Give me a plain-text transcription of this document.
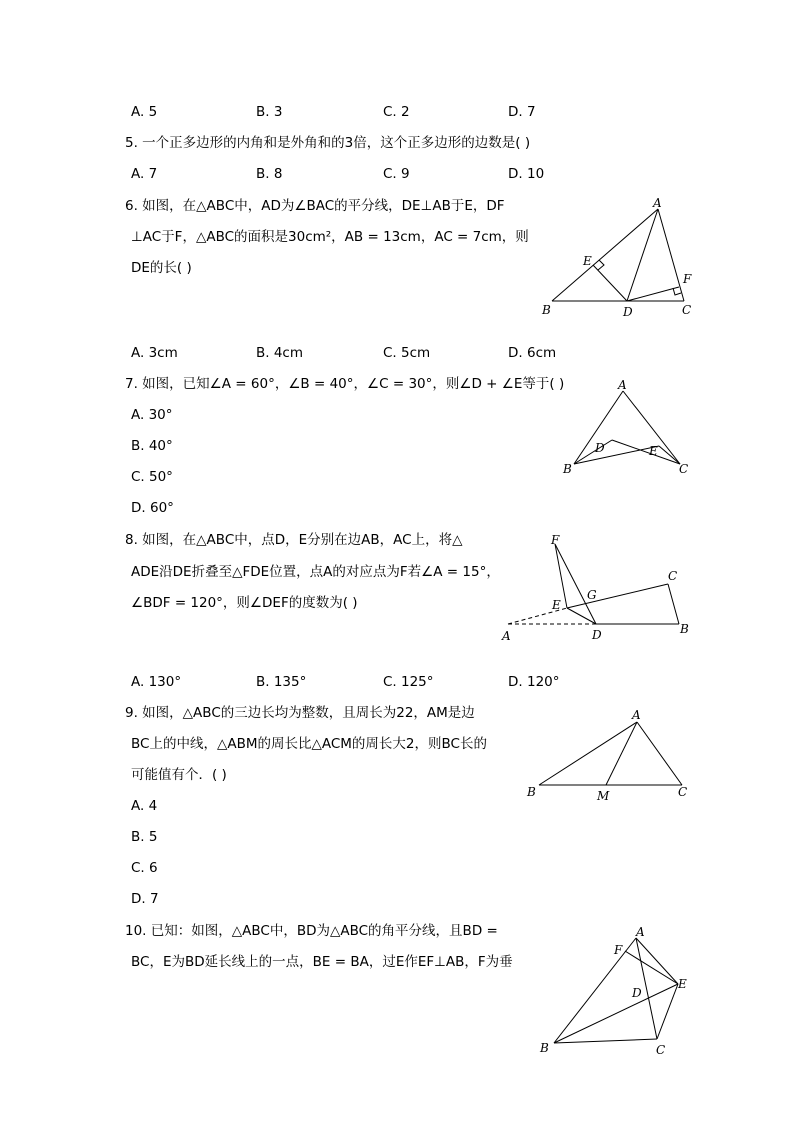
A. 5	B. 3	C. 2	D. 7
5. 一个正多边形的内角和是外角和的3倍，这个正多边形的边数是( )
A. 7	B. 8	C. 9	D. 10
6. 如图，在△ABC中，AD为∠BAC的平分线，DE⊥AB于E，DF
⊥AC于F，△ABC的面积是30cm²，AB = 13cm，AC = 7cm，则
DE的长( )
A
E
F
B	D	C
A. 3cm	B. 4cm	C. 5cm	D. 6cm
7. 如图，已知∠A = 60°，∠B = 40°，∠C = 30°，则∠D + ∠E等于( )
A. 30°
B. 40°
C. 50°
D. 60°
A
D	E
B	C
8. 如图，在△ABC中，点D，E分别在边AB，AC上，将△
ADE沿DE折叠至△FDE位置，点A的对应点为F若∠A = 15°，
∠BDF = 120°，则∠DEF的度数为( )
F
C
G
E
A	D	B
A. 130°	B. 135°	C. 125°	D. 120°
9. 如图，△ABC的三边长均为整数，且周长为22，AM是边
BC上的中线，△ABM的周长比△ACM的周长大2，则BC长的
可能值有个．( )
A. 4
B. 5
C. 6
D. 7
A
B	M	C
10. 已知：如图，△ABC中，BD为△ABC的角平分线，且BD =
BC，E为BD延长线上的一点，BE = BA，过E作EF⊥AB，F为垂
A
F
E
D
B	C
